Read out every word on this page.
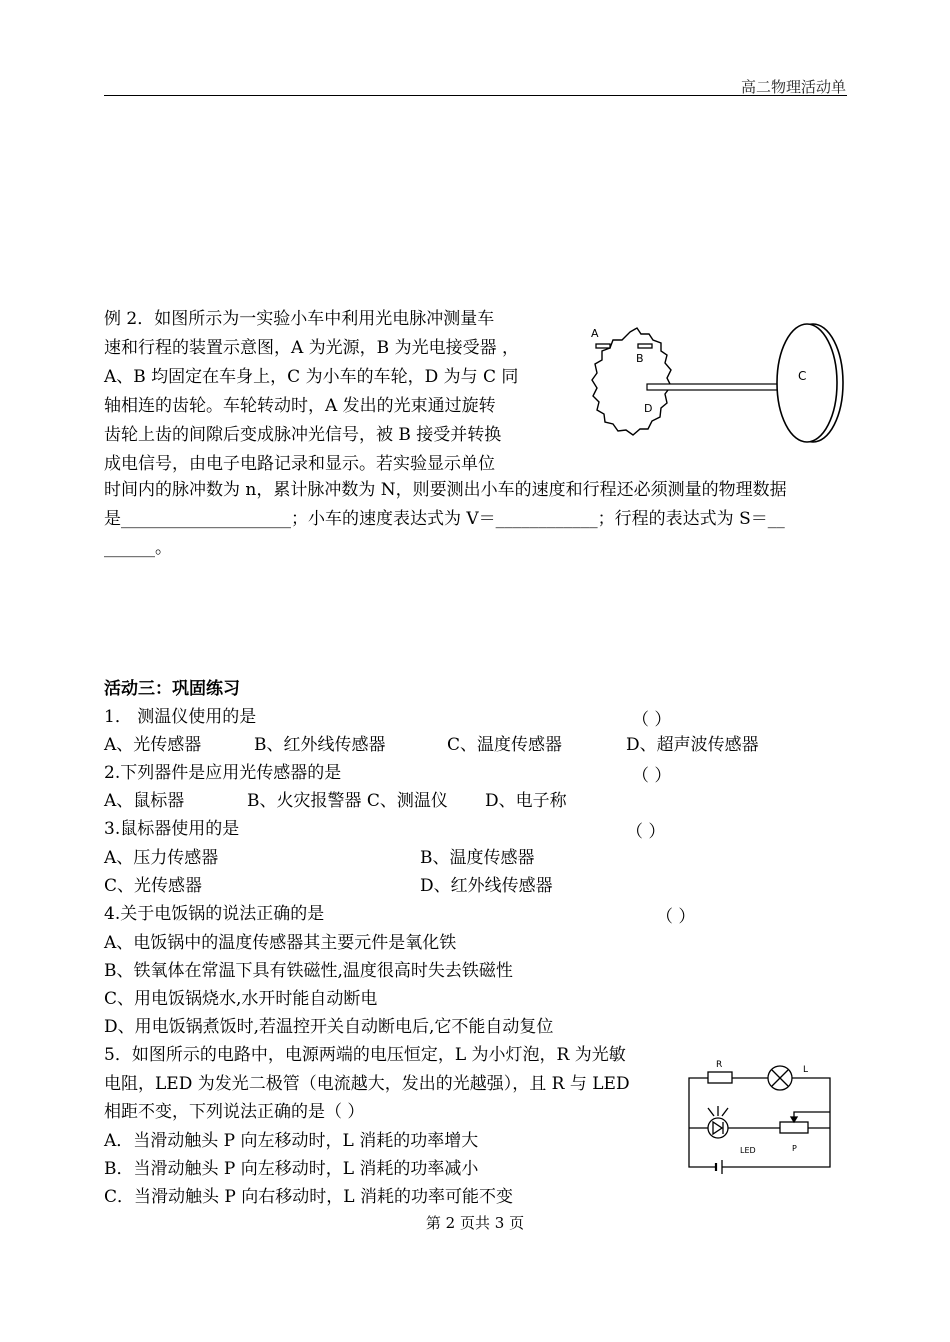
高二物理活动单
例 2．如图所示为一实验小车中利用光电脉冲测量车
速和行程的装置示意图，A 为光源，B 为光电接受器 ，
A、B 均固定在车身上，C 为小车的车轮，D 为与 C 同
轴相连的齿轮。车轮转动时，A 发出的光束通过旋转
齿轮上齿的间隙后变成脉冲光信号，被 B 接受并转换
成电信号，由电子电路记录和显示。若实验显示单位
时间内的脉冲数为 n，累计脉冲数为 N，则要测出小车的速度和行程还必须测量的物理数据
是____________________；小车的速度表达式为 V＝____________；行程的表达式为 S＝__
______。
A
B
D
C
活动三：巩固练习
1． 测温仪使用的是	（ ）
A、光传感器	B、红外线传感器	C、温度传感器	D、超声波传感器
2.下列器件是应用光传感器的是	（ ）
A、鼠标器	B、火灾报警器 C、测温仪 D、电子称
3.鼠标器使用的是	（ ）
A、压力传感器	B、温度传感器
C、光传感器	D、红外线传感器
4.关于电饭锅的说法正确的是	（ ）
A、电饭锅中的温度传感器其主要元件是氧化铁
B、铁氧体在常温下具有铁磁性,温度很高时失去铁磁性
C、用电饭锅烧水,水开时能自动断电
D、用电饭锅煮饭时,若温控开关自动断电后,它不能自动复位
5．如图所示的电路中，电源两端的电压恒定，L 为小灯泡，R 为光敏
电阻，LED 为发光二极管（电流越大，发出的光越强），且 R 与 LED
相距不变，下列说法正确的是（ ）
A．当滑动触头 P 向左移动时，L 消耗的功率增大
B．当滑动触头 P 向左移动时，L 消耗的功率减小
C．当滑动触头 P 向右移动时，L 消耗的功率可能不变
R	L
LED	P
第 2 页共 3 页
